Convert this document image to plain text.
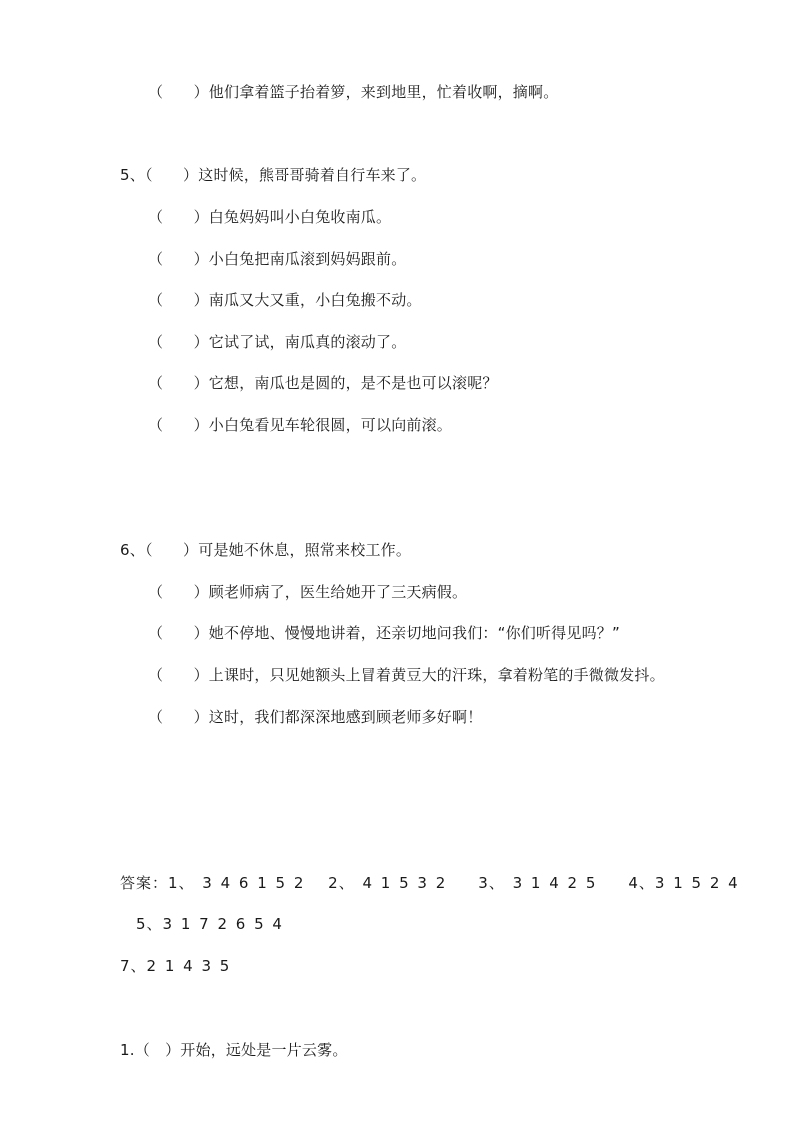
（　　）他们拿着篮子抬着箩，来到地里，忙着收啊，摘啊。
5、（　　）这时候，熊哥哥骑着自行车来了。
（　　）白兔妈妈叫小白兔收南瓜。
（　　）小白兔把南瓜滚到妈妈跟前。
（　　）南瓜又大又重，小白兔搬不动。
（　　）它试了试，南瓜真的滚动了。
（　　）它想，南瓜也是圆的，是不是也可以滚呢？
（　　）小白兔看见车轮很圆，可以向前滚。
6、（　　）可是她不休息，照常来校工作。
（　　）顾老师病了，医生给她开了三天病假。
（　　）她不停地、慢慢地讲着，还亲切地问我们：“你们听得见吗？”
（　　）上课时，只见她额头上冒着黄豆大的汗珠，拿着粉笔的手微微发抖。
（　　）这时，我们都深深地感到顾老师多好啊！
答案：1、 3 4 6 1 5 2　 2、 4 1 5 3 2　　3、 3 1 4 2 5　　4、3 1 5 2 4
5、3 1 7 2 6 5 4
7、2 1 4 3 5
1.（　）开始，远处是一片云雾。
